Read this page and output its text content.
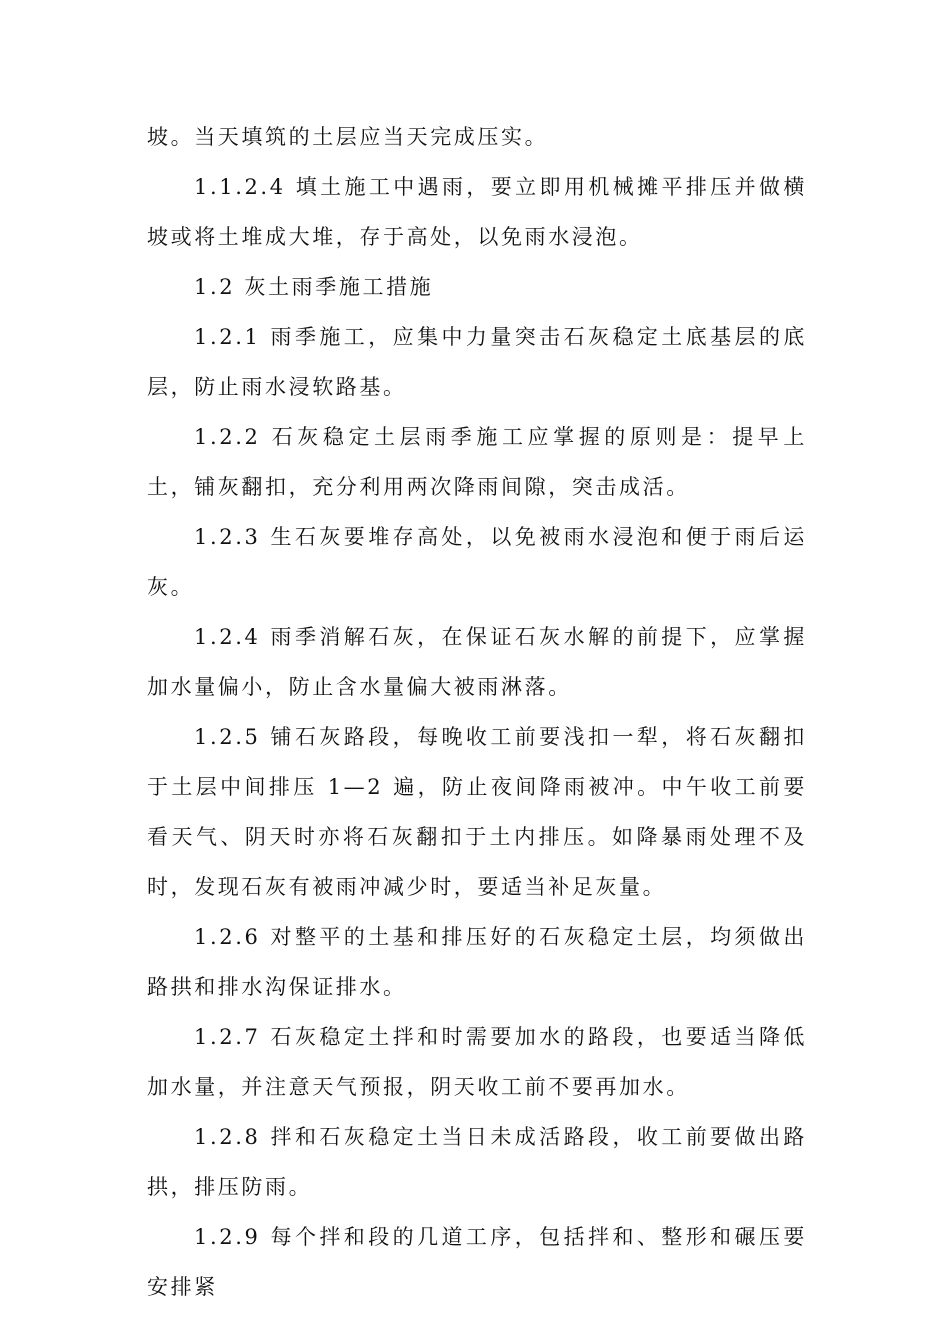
坡。当天填筑的土层应当天完成压实。

1.1.2.4 填土施工中遇雨，要立即用机械摊平排压并做横坡或将土堆成大堆，存于高处，以免雨水浸泡。

1.2 灰土雨季施工措施

1.2.1 雨季施工，应集中力量突击石灰稳定土底基层的底层，防止雨水浸软路基。

1.2.2 石灰稳定土层雨季施工应掌握的原则是：提早上土，铺灰翻扣，充分利用两次降雨间隙，突击成活。

1.2.3 生石灰要堆存高处，以免被雨水浸泡和便于雨后运灰。

1.2.4 雨季消解石灰，在保证石灰水解的前提下，应掌握加水量偏小，防止含水量偏大被雨淋落。

1.2.5 铺石灰路段，每晚收工前要浅扣一犁，将石灰翻扣于土层中间排压 1—2 遍，防止夜间降雨被冲。中午收工前要看天气、阴天时亦将石灰翻扣于土内排压。如降暴雨处理不及时，发现石灰有被雨冲减少时，要适当补足灰量。

1.2.6 对整平的土基和排压好的石灰稳定土层，均须做出路拱和排水沟保证排水。

1.2.7 石灰稳定土拌和时需要加水的路段，也要适当降低加水量，并注意天气预报，阴天收工前不要再加水。

1.2.8 拌和石灰稳定土当日未成活路段，收工前要做出路拱，排压防雨。

1.2.9 每个拌和段的几道工序，包括拌和、整形和碾压要安排紧
